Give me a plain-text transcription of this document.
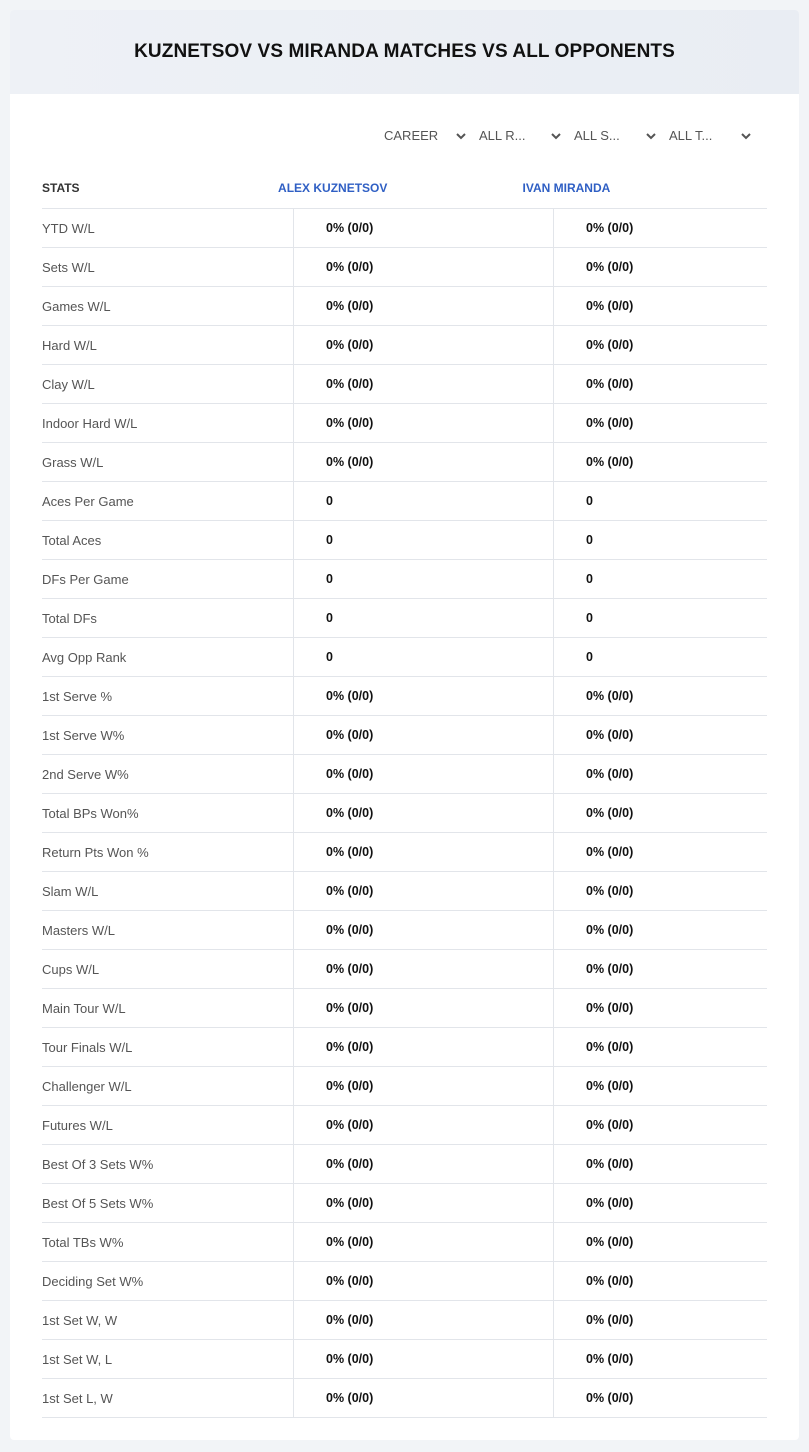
KUZNETSOV VS MIRANDA MATCHES VS ALL OPPONENTS
CAREER	ALL R...	ALL S...	ALL T...
STATS	ALEX KUZNETSOV	IVAN MIRANDA
YTD W/L	0% (0/0)	0% (0/0)
Sets W/L	0% (0/0)	0% (0/0)
Games W/L	0% (0/0)	0% (0/0)
Hard W/L	0% (0/0)	0% (0/0)
Clay W/L	0% (0/0)	0% (0/0)
Indoor Hard W/L	0% (0/0)	0% (0/0)
Grass W/L	0% (0/0)	0% (0/0)
Aces Per Game	0	0
Total Aces	0	0
DFs Per Game	0	0
Total DFs	0	0
Avg Opp Rank	0	0
1st Serve %	0% (0/0)	0% (0/0)
1st Serve W%	0% (0/0)	0% (0/0)
2nd Serve W%	0% (0/0)	0% (0/0)
Total BPs Won%	0% (0/0)	0% (0/0)
Return Pts Won %	0% (0/0)	0% (0/0)
Slam W/L	0% (0/0)	0% (0/0)
Masters W/L	0% (0/0)	0% (0/0)
Cups W/L	0% (0/0)	0% (0/0)
Main Tour W/L	0% (0/0)	0% (0/0)
Tour Finals W/L	0% (0/0)	0% (0/0)
Challenger W/L	0% (0/0)	0% (0/0)
Futures W/L	0% (0/0)	0% (0/0)
Best Of 3 Sets W%	0% (0/0)	0% (0/0)
Best Of 5 Sets W%	0% (0/0)	0% (0/0)
Total TBs W%	0% (0/0)	0% (0/0)
Deciding Set W%	0% (0/0)	0% (0/0)
1st Set W, W	0% (0/0)	0% (0/0)
1st Set W, L	0% (0/0)	0% (0/0)
1st Set L, W	0% (0/0)	0% (0/0)
